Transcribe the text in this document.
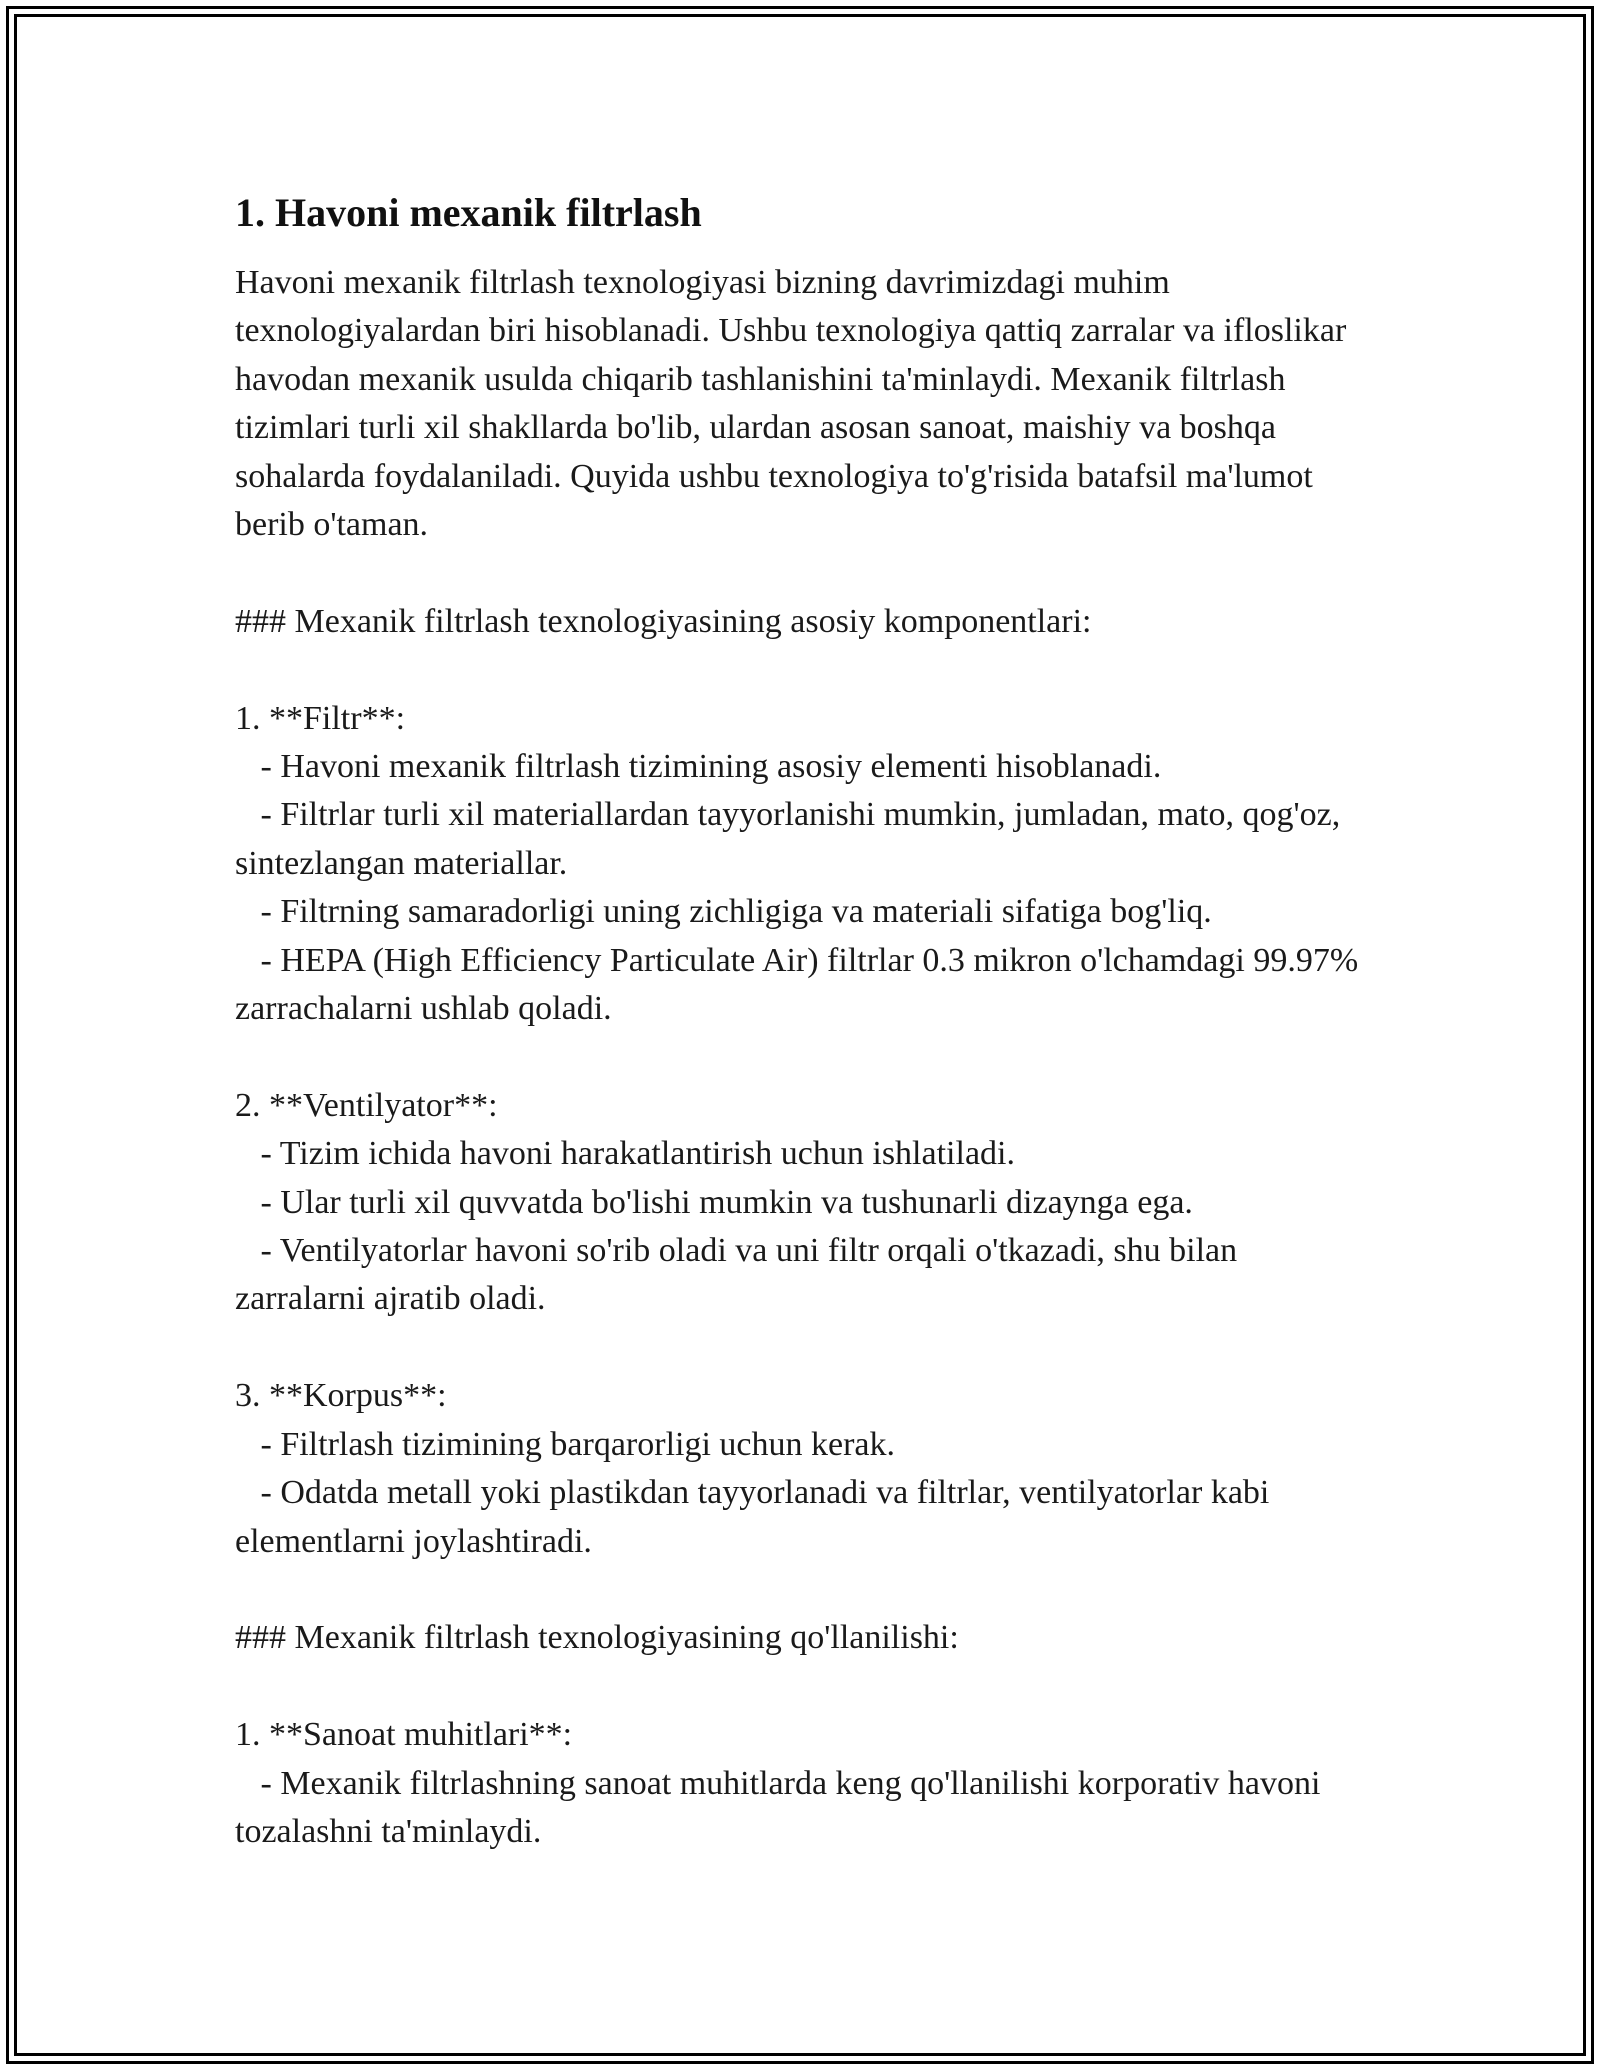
1. Havoni mexanik filtrlash

Havoni mexanik filtrlash texnologiyasi bizning davrimizdagi muhim texnologiyalardan biri hisoblanadi. Ushbu texnologiya qattiq zarralar va ifloslikar havodan mexanik usulda chiqarib tashlanishini ta'minlaydi. Mexanik filtrlash tizimlari turli xil shakllarda bo'lib, ulardan asosan sanoat, maishiy va boshqa sohalarda foydalaniladi. Quyida ushbu texnologiya to'g'risida batafsil ma'lumot berib o'taman.

### Mexanik filtrlash texnologiyasining asosiy komponentlari:

1. **Filtr**:

- Havoni mexanik filtrlash tizimining asosiy elementi hisoblanadi.

- Filtrlar turli xil materiallardan tayyorlanishi mumkin, jumladan, mato, qog'oz, sintezlangan materiallar.

- Filtrning samaradorligi uning zichligiga va materiali sifatiga bog'liq.

- HEPA (High Efficiency Particulate Air) filtrlar 0.3 mikron o'lchamdagi 99.97% zarrachalarni ushlab qoladi.

2. **Ventilyator**:

- Tizim ichida havoni harakatlantirish uchun ishlatiladi.

- Ular turli xil quvvatda bo'lishi mumkin va tushunarli dizaynga ega.

- Ventilyatorlar havoni so'rib oladi va uni filtr orqali o'tkazadi, shu bilan zarralarni ajratib oladi.

3. **Korpus**:

- Filtrlash tizimining barqarorligi uchun kerak.

- Odatda metall yoki plastikdan tayyorlanadi va filtrlar, ventilyatorlar kabi elementlarni joylashtiradi.

### Mexanik filtrlash texnologiyasining qo'llanilishi:

1. **Sanoat muhitlari**:

- Mexanik filtrlashning sanoat muhitlarda keng qo'llanilishi korporativ havoni tozalashni ta'minlaydi.
